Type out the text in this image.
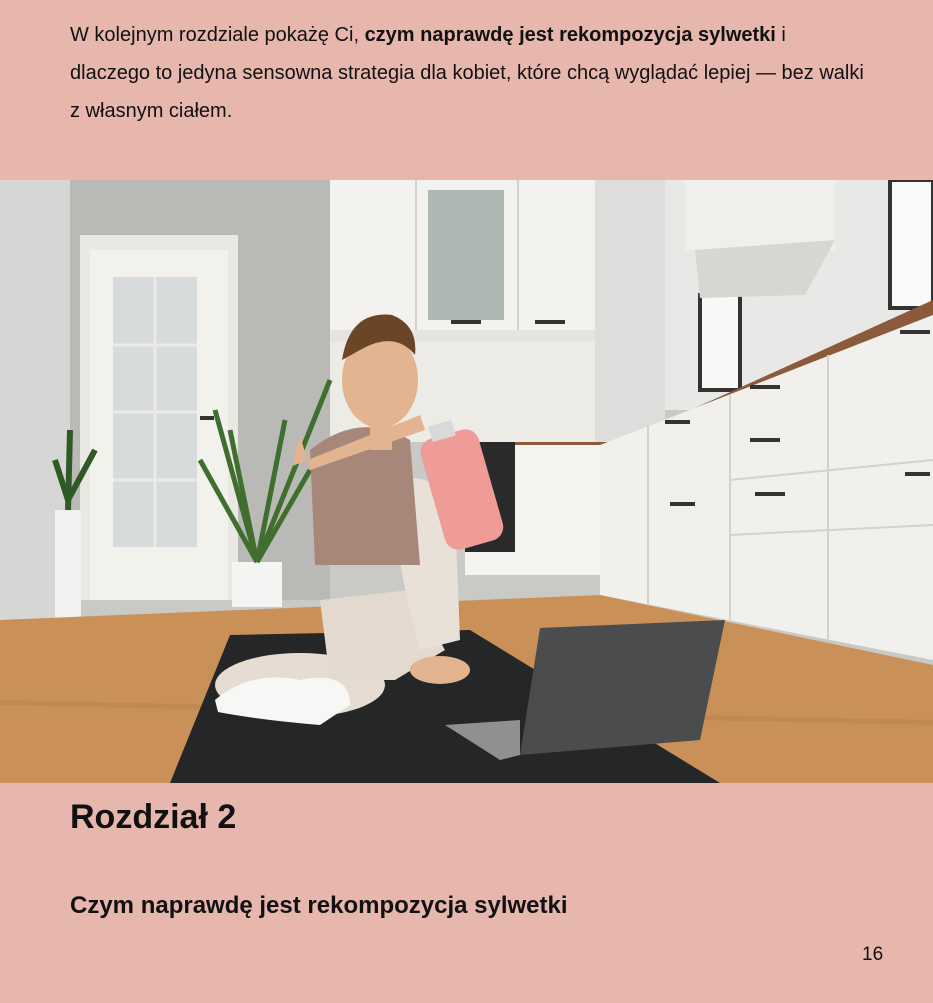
W kolejnym rozdziale pokażę Ci, czym naprawdę jest rekompozycja sylwetki i dlaczego to jedyna sensowna strategia dla kobiet, które chcą wyglądać lepiej — bez walki z własnym ciałem.
Rozdział 2
Czym naprawdę jest rekompozycja sylwetki
16
